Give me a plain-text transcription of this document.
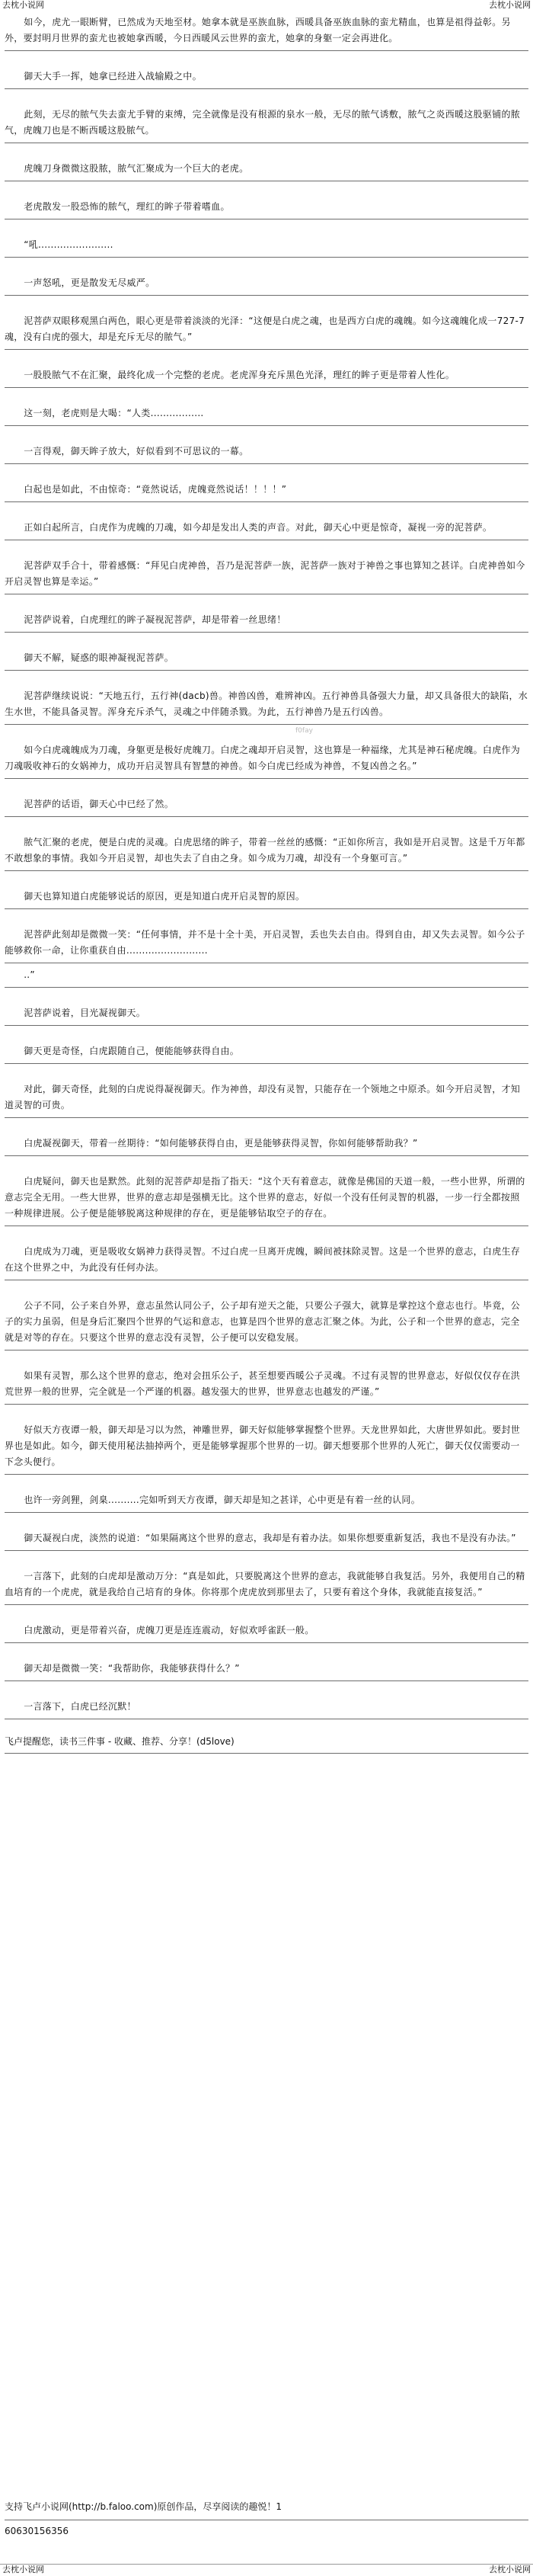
去枕小说网	去枕小说网

如今，虎尤一眼断臂，已然成为天地至材。她拿本就是巫族血脉，西暖具备巫族血脉的蛮尤精血，也算是祖得益彰。另外，要封明月世界的蛮尤也被她拿西暖，今日西暖风云世界的蛮尤，她拿的身躯一定会再进化。

御天大手一挥，她拿已经进入战输殿之中。

此刻，无尽的脓气失去蛮尤手臂的束缚，完全就像是没有根源的泉水一般，无尽的脓气诱敷，脓气之炎西暖这股驱铺的脓气，虎魄刀也是不断西暖这股脓气。

虎魄刀身微微这股脓，脓气汇聚成为一个巨大的老虎。

老虎散发一股恐怖的脓气，理红的眸子带着嗜血。

“吼........................

一声怒吼，更是散发无尽威严。

泥菩萨双眼移观黑白两色，眼心更是带着淡淡的光泽：“这便是白虎之魂，也是西方白虎的魂魄。如今这魂魄化成一727-7魂，没有白虎的强大，却是充斥无尽的脓气。”

一股股脓气不在汇聚，最终化成一个完整的老虎。老虎浑身充斥黑色光泽，理红的眸子更是带着人性化。

这一刻，老虎则是大喝：“人类.................

一言得观，御天眸子放大，好似看到不可思议的一幕。

白起也是如此，不由惊奇：“竟然说话，虎魄竟然说话！！！！”

正如白起所言，白虎作为虎魄的刀魂，如今却是发出人类的声音。对此，御天心中更是惊奇，凝视一旁的泥菩萨。

泥菩萨双手合十，带着感慨：“拜见白虎神兽，吾乃是泥菩萨一族，泥菩萨一族对于神兽之事也算知之甚详。白虎神兽如今开启灵智也算是幸运。”

泥菩萨说着，白虎理红的眸子凝视泥菩萨，却是带着一丝思绪！

御天不解，疑惑的眼神凝视泥菩萨。

泥菩萨继续说说：“天地五行，五行神(dacb)兽。神兽凶兽，难辨神凶。五行神兽具备强大力量，却又具备很大的缺陷，水生水世，不能具备灵智。浑身充斥杀气，灵魂之中伴随杀戮。为此，五行神兽乃是五行凶兽。

如今白虎魂魄成为刀魂，身躯更是极好虎魄刀。白虎之魂却开启灵智，这也算是一种福缘，尤其是神石秘虎魄。白虎作为刀魂吸收神石的女娲神力，成功开启灵智具有智慧的神兽。如今白虎已经成为神兽，不复凶兽之名。”

泥菩萨的话语，御天心中已经了然。

脓气汇聚的老虎，便是白虎的灵魂。白虎思绪的眸子，带着一丝丝的感慨：“正如你所言，我如是开启灵智。这是千万年都不敢想象的事情。我如今开启灵智，却也失去了自由之身。如今成为刀魂，却没有一个身躯可言。”

御天也算知道白虎能够说话的原因，更是知道白虎开启灵智的原因。

泥菩萨此刻却是微微一笑：“任何事情，并不是十全十美，开启灵智，丢也失去自由。得到自由，却又失去灵智。如今公子能够救你一命，让你重获自由..........................

..”

泥菩萨说着，目光凝视御天。

御天更是奇怪，白虎跟随自己，便能能够获得自由。

对此，御天奇怪，此刻的白虎说得凝视御天。作为神兽，却没有灵智，只能存在一个领地之中原杀。如今开启灵智，才知道灵智的可贵。

白虎凝视御天，带着一丝期待：“如何能够获得自由，更是能够获得灵智，你如何能够帮助我？”

白虎疑问，御天也是默然。此刻的泥菩萨却是指了指天：“这个天有着意志，就像是佛国的天道一般，一些小世界，所谓的意志完全无用。一些大世界，世界的意志却是强横无比。这个世界的意志，好似一个没有任何灵智的机器，一步一行全都按照一种规律进展。公子便是能够脱离这种规律的存在，更是能够钻取空子的存在。

白虎成为刀魂，更是吸收女娲神力获得灵智。不过白虎一旦离开虎魄，瞬间被抹除灵智。这是一个世界的意志，白虎生存在这个世界之中，为此没有任何办法。

公子不同，公子来自外界，意志虽然认同公子，公子却有逆天之能，只要公子强大，就算是掌控这个意志也行。毕竟，公子的实力虽弱，但是身后汇聚四个世界的气运和意志，也算是四个世界的意志汇聚之体。为此，公子和一个世界的意志，完全就是对等的存在。只要这个世界的意志没有灵智，公子便可以安稳发展。

如果有灵智，那么这个世界的意志，绝对会扭乐公子，甚至想要西暖公子灵魂。不过有灵智的世界意志，好似仅仅存在洪荒世界一般的世界，完全就是一个严谨的机器。越发强大的世界，世界意志也越发的严谨。”

好似天方夜谭一般，御天却是习以为然，神雕世界，御天好似能够掌握整个世界。天龙世界如此，大唐世界如此。要封世界也是如此。如今，御天使用秘法抽掉两个，更是能够掌握那个世界的一切。御天想要那个世界的人死亡，御天仅仅需要动一下念头便行。

也许一旁剑狸，剑臬..........完如听到天方夜谭，御天却是知之甚详，心中更是有着一丝的认同。

御天凝视白虎，淡然的说道：“如果隔离这个世界的意志，我却是有着办法。如果你想要重新复活，我也不是没有办法。”

一言落下，此刻的白虎却是激动万分：“真是如此，只要脱离这个世界的意志，我就能够自我复活。另外，我便用自己的精血培育的一个虎虎，就是我给自己培育的身体。你将那个虎虎放到那里去了，只要有着这个身体，我就能直接复活。”

白虎激动，更是带着兴奋，虎魄刀更是连连震动，好似欢呼雀跃一般。

御天却是微微一笑：“我帮助你，我能够获得什么？”

一言落下，白虎已经沉默！

飞卢提醒您，读书三件事 - 收藏、推荐、分享！(d5love)
f0fay
支持飞卢小说网(http://b.faloo.com)原创作品，尽享阅读的趣悦！1
60630156356
去枕小说网	去枕小说网
